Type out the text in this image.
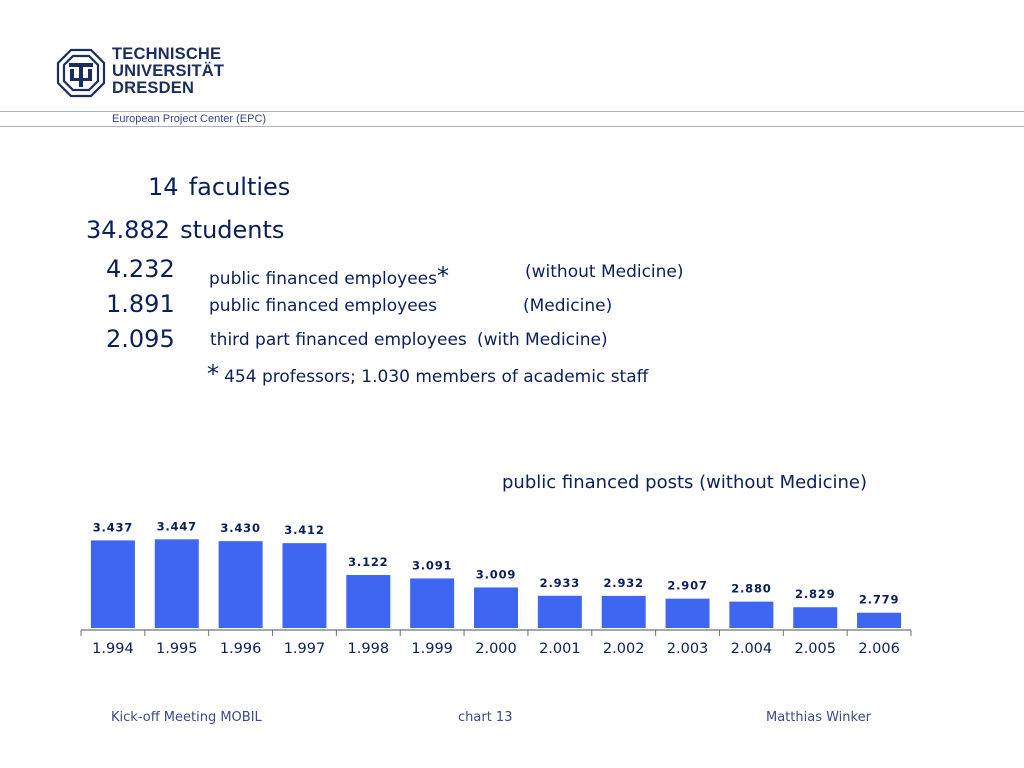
TECHNISCHE
UNIVERSITÄT
DRESDEN
European Project Center (EPC)
14 faculties
34.882 students
4.232 public financed employees*	(without Medicine)
1.891 public financed employees	(Medicine)
2.095 third part financed employees (with Medicine)
* 454 professors; 1.030 members of academic staff
public financed posts (without Medicine)
3.437
1.994
3.447
1.995
3.430
1.996
3.412
1.997
3.122
1.998
3.091
1.999
3.009
2.000
2.933
2.001
2.932
2.002
2.907
2.003
2.880
2.004
2.829
2.005
2.779
2.006
Kick-off Meeting MOBIL	chart 13	Matthias Winker
